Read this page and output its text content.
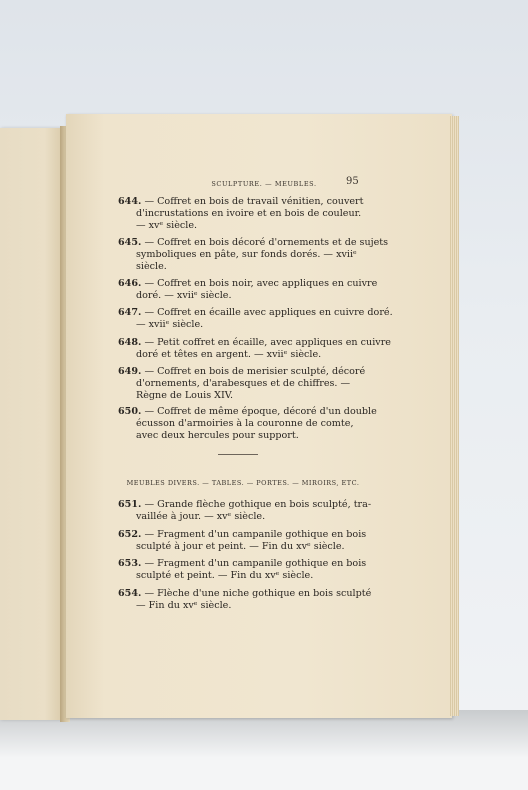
SCULPTURE. — MEUBLES.	95
644. — Coffret en bois de travail vénitien, couvert
d'incrustations en ivoire et en bois de couleur.
— xvᵉ siècle.
645. — Coffret en bois décoré d'ornements et de sujets
symboliques en pâte, sur fonds dorés. — xviiᵉ
siècle.
646. — Coffret en bois noir, avec appliques en cuivre
doré. — xviiᵉ siècle.
647. — Coffret en écaille avec appliques en cuivre doré.
— xviiᵉ siècle.
648. — Petit coffret en écaille, avec appliques en cuivre
doré et têtes en argent. — xviiᵉ siècle.
649. — Coffret en bois de merisier sculpté, décoré
d'ornements, d'arabesques et de chiffres. —
Règne de Louis XIV.
650. — Coffret de même époque, décoré d'un double
écusson d'armoiries à la couronne de comte,
avec deux hercules pour support.
MEUBLES DIVERS. — TABLES. — PORTES. — MIROIRS, ETC.
651. — Grande flèche gothique en bois sculpté, tra-
vaillée à jour. — xvᵉ siècle.
652. — Fragment d'un campanile gothique en bois
sculpté à jour et peint. — Fin du xvᵉ siècle.
653. — Fragment d'un campanile gothique en bois
sculpté et peint. — Fin du xvᵉ siècle.
654. — Flèche d'une niche gothique en bois sculpté
— Fin du xvᵉ siècle.
